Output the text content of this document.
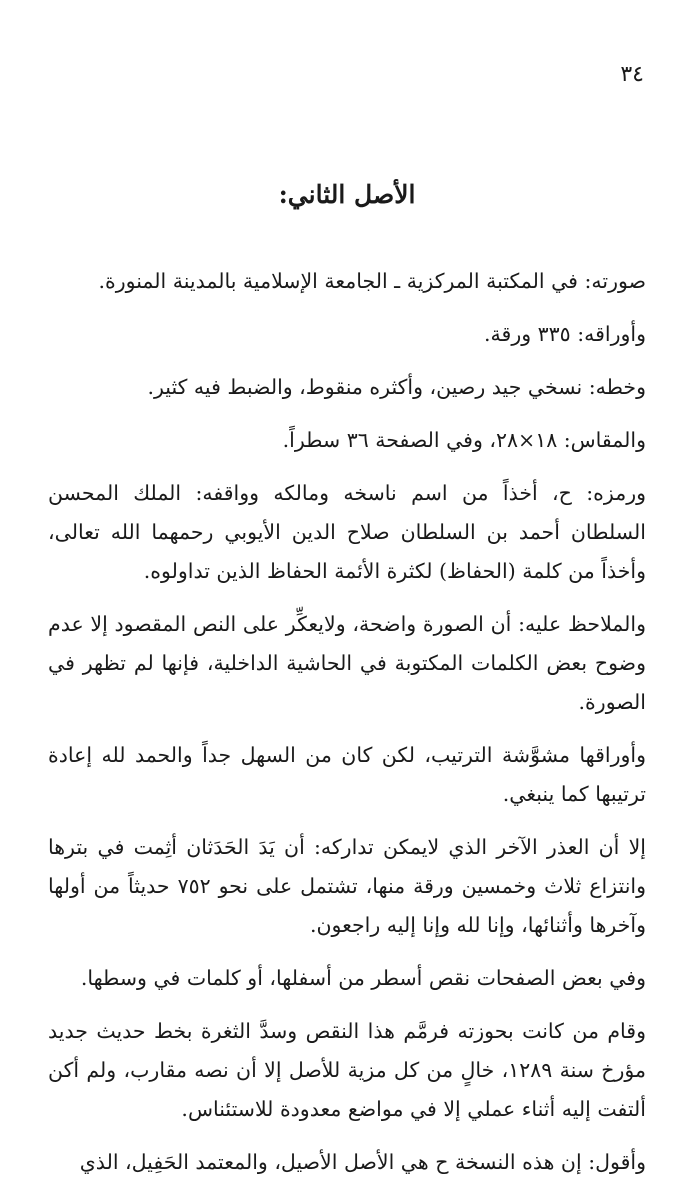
٣٤
الأصل الثاني:

صورته: في المكتبة المركزية ـ الجامعة الإسلامية بالمدينة المنورة.

وأوراقه: ٣٣٥ ورقة.

وخطه: نسخي جيد رصين، وأكثره منقوط، والضبط فيه كثير.

والمقاس: ١٨×٢٨، وفي الصفحة ٣٦ سطراً.

ورمزه: ح، أخذاً من اسم ناسخه ومالكه وواقفه: الملك المحسن السلطان أحمد بن السلطان صلاح الدين الأيوبي رحمهما الله تعالى، وأخذاً من كلمة (الحفاظ) لكثرة الأئمة الحفاظ الذين تداولوه.

والملاحظ عليه: أن الصورة واضحة، ولايعكِّر على النص المقصود إلا عدم وضوح بعض الكلمات المكتوبة في الحاشية الداخلية، فإنها لم تظهر في الصورة.

وأوراقها مشوَّشة الترتيب، لكن كان من السهل جداً والحمد لله إعادة ترتيبها كما ينبغي.

إلا أن العذر الآخر الذي لايمكن تداركه: أن يَدَ الحَدَثان أثِمت في بترها وانتزاع ثلاث وخمسين ورقة منها، تشتمل على نحو ٧٥٢ حديثاً من أولها وآخرها وأثنائها، وإنا لله وإنا إليه راجعون.

وفي بعض الصفحات نقص أسطر من أسفلها، أو كلمات في وسطها.

وقام من كانت بحوزته فرمَّم هذا النقص وسدَّ الثغرة بخط حديث جديد مؤرخ سنة ١٢٨٩، خالٍ من كل مزية للأصل إلا أن نصه مقارب، ولم أكن ألتفت إليه أثناء عملي إلا في مواضع معدودة للاستئناس.

وأقول: إن هذه النسخة ح هي الأصل الأصيل، والمعتمد الحَفِيل، الذي
